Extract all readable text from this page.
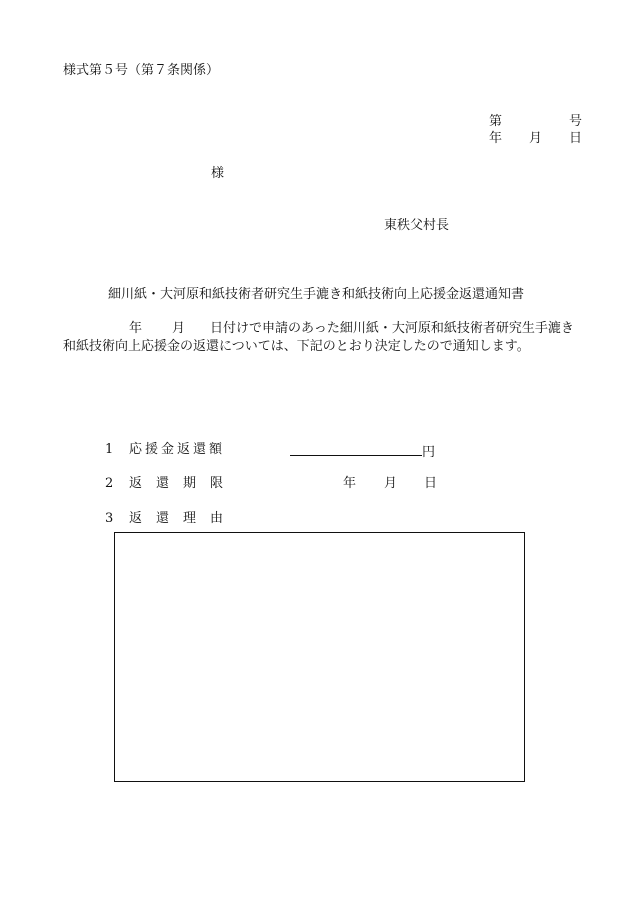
様式第５号（第７条関係）
第	号
年 月 日
様
東秩父村長
細川紙・大河原和紙技術者研究生手漉き和紙技術向上応援金返還通知書
年 月 日付けで申請のあった細川紙・大河原和紙技術者研究生手漉き
和紙技術向上応援金の返還については、下記のとおり決定したので通知します。
1 応援金返還額	円
2 返還期限	年 月 日
3 返還理由
